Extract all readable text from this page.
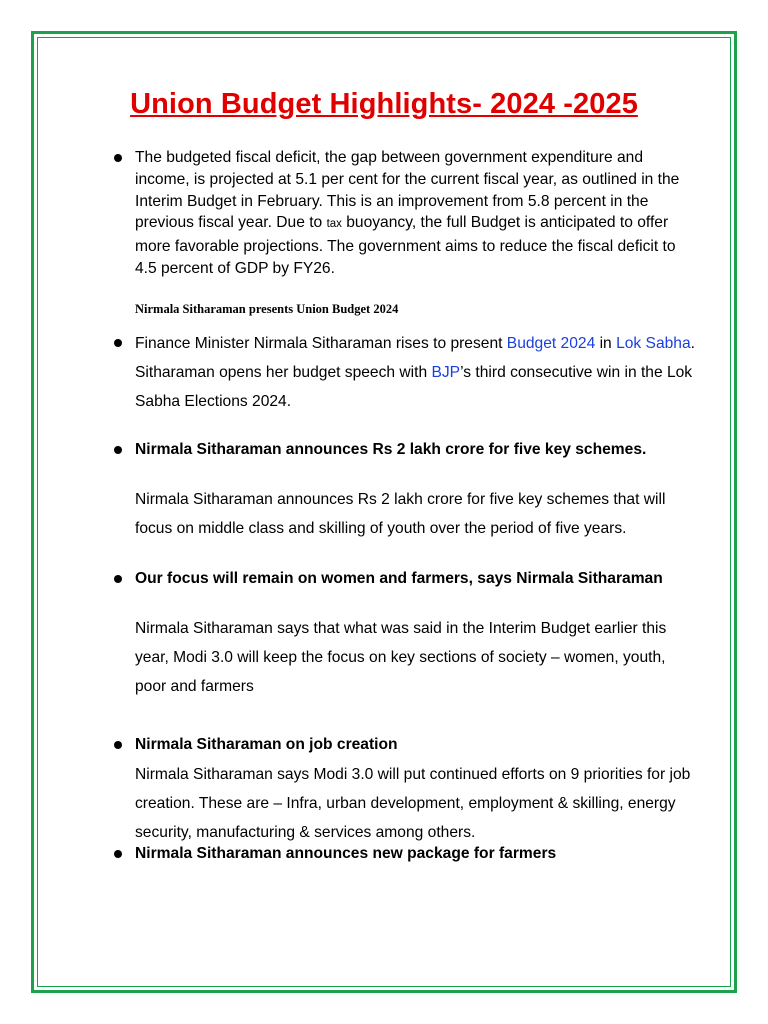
Union Budget Highlights- 2024 -2025

The budgeted fiscal deficit, the gap between government expenditure and income, is projected at 5.1 per cent for the current fiscal year, as outlined in the Interim Budget in February. This is an improvement from 5.8 percent in the previous fiscal year. Due to tax buoyancy, the full Budget is anticipated to offer more favorable projections. The government aims to reduce the fiscal deficit to 4.5 percent of GDP by FY26.

Nirmala Sitharaman presents Union Budget 2024

Finance Minister Nirmala Sitharaman rises to present Budget 2024 in Lok Sabha. Sitharaman opens her budget speech with BJP’s third consecutive win in the Lok Sabha Elections 2024.

Nirmala Sitharaman announces Rs 2 lakh crore for five key schemes.

Nirmala Sitharaman announces Rs 2 lakh crore for five key schemes that will focus on middle class and skilling of youth over the period of five years.

Our focus will remain on women and farmers, says Nirmala Sitharaman

Nirmala Sitharaman says that what was said in the Interim Budget earlier this year, Modi 3.0 will keep the focus on key sections of society – women, youth, poor and farmers

Nirmala Sitharaman on job creation

Nirmala Sitharaman says Modi 3.0 will put continued efforts on 9 priorities for job creation. These are – Infra, urban development, employment & skilling, energy security, manufacturing & services among others.

Nirmala Sitharaman announces new package for farmers
